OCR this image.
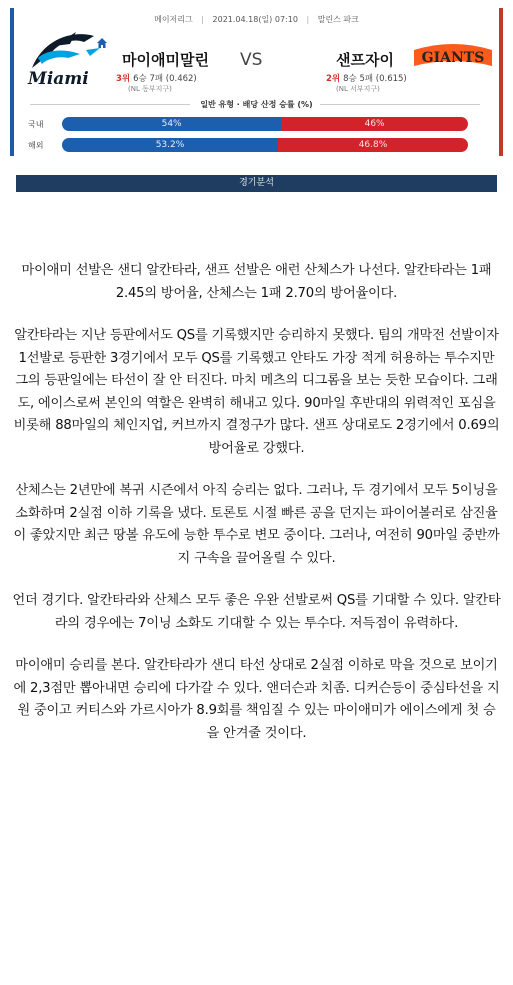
메이저리그 | 2021.04.18(일) 07:10 | 말린스 파크
Miami
마이애미말린 VS	샌프자이 GIANTS
3위 6승 7패 (0.462)
(NL 동부지구)
2위 8승 5패 (0.615)
(NL 서부지구)
일반 유형 · 배당 산정 승률 (%)
국내	54%	46%
해외	53.2%	46.8%
경기분석

마이애미 선발은 샌디 알칸타라, 샌프 선발은 애런 산체스가 나선다. 알칸타라는 1패 2.45의 방어율, 산체스는 1패 2.70의 방어율이다.

알칸타라는 지난 등판에서도 QS를 기록했지만 승리하지 못했다. 팀의 개막전 선발이자 1선발로 등판한 3경기에서 모두 QS를 기록했고 안타도 가장 적게 허용하는 투수지만 그의 등판일에는 타선이 잘 안 터진다. 마치 메츠의 디그롬을 보는 듯한 모습이다. 그래도, 에이스로써 본인의 역할은 완벽히 해내고 있다. 90마일 후반대의 위력적인 포심을 비롯해 88마일의 체인지업, 커브까지 결정구가 많다. 샌프 상대로도 2경기에서 0.69의 방어율로 강했다.

산체스는 2년만에 복귀 시즌에서 아직 승리는 없다. 그러나, 두 경기에서 모두 5이닝을 소화하며 2실점 이하 기록을 냈다. 토론토 시절 빠른 공을 던지는 파이어볼러로 삼진율이 좋았지만 최근 땅볼 유도에 능한 투수로 변모 중이다. 그러나, 여전히 90마일 중반까지 구속을 끌어올릴 수 있다.

언더 경기다. 알칸타라와 산체스 모두 좋은 우완 선발로써 QS를 기대할 수 있다. 알칸타라의 경우에는 7이닝 소화도 기대할 수 있는 투수다. 저득점이 유력하다.

마이애미 승리를 본다. 알칸타라가 샌디 타선 상대로 2실점 이하로 막을 것으로 보이기에 2,3점만 뽑아내면 승리에 다가갈 수 있다. 앤더슨과 치좀. 디커슨등이 중심타선을 지원 중이고 커티스와 가르시아가 8.9회를 책임질 수 있는 마이애미가 에이스에게 첫 승을 안겨줄 것이다.
